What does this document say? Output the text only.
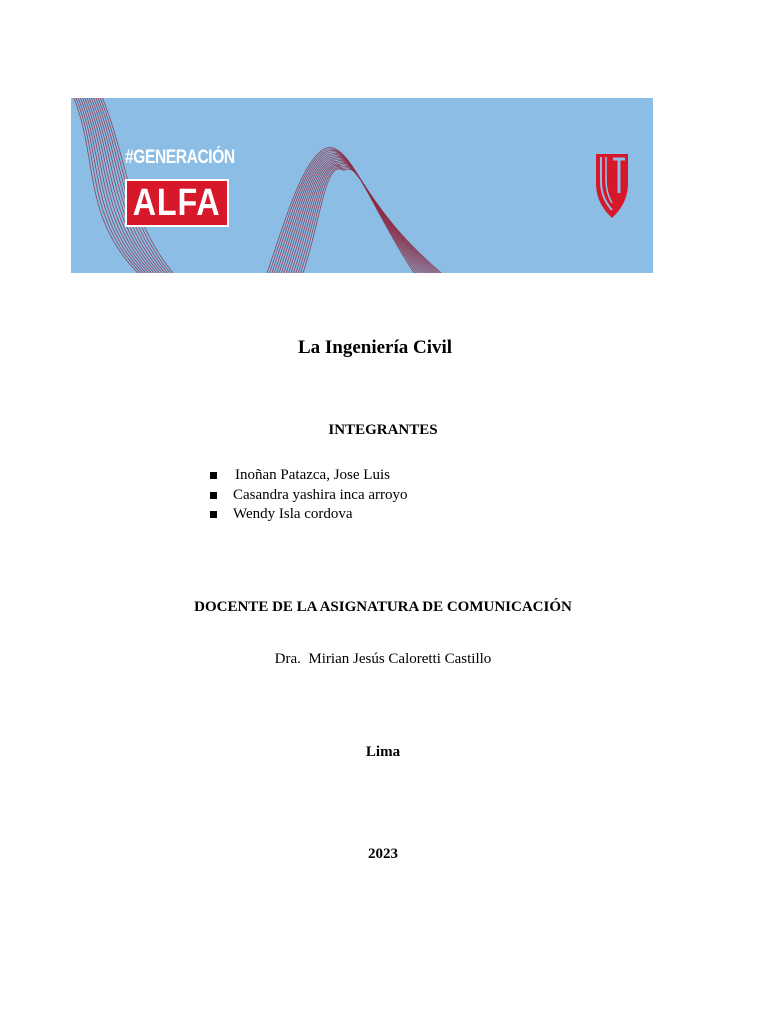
#GENERACIÓN
ALFA
La Ingeniería Civil
INTEGRANTES
Inoñan Patazca, Jose Luis
Casandra yashira inca arroyo
Wendy Isla cordova
DOCENTE DE LA ASIGNATURA DE COMUNICACIÓN
Dra.  Mirian Jesús Caloretti Castillo
Lima
2023
